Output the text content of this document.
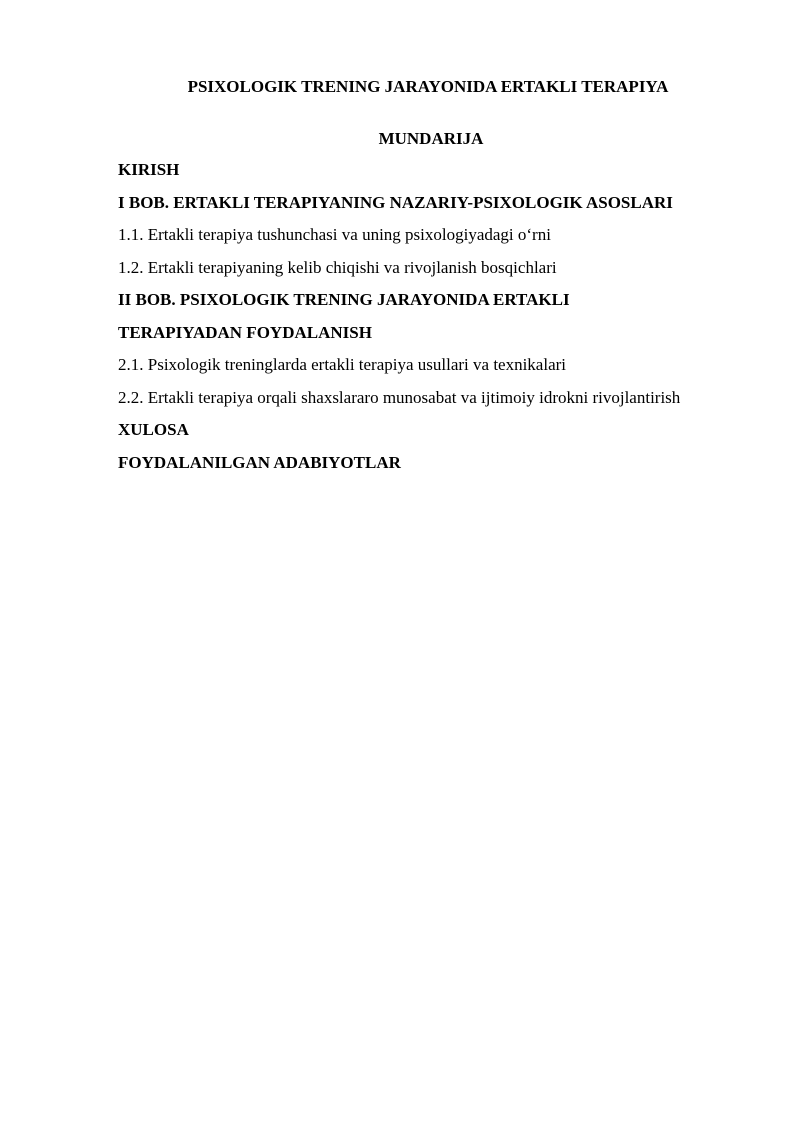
PSIXOLOGIK TRENING JARAYONIDA ERTAKLI TERAPIYA
MUNDARIJA
KIRISH
I BOB. ERTAKLI TERAPIYANING NAZARIY-PSIXOLOGIK ASOSLARI
1.1. Ertakli terapiya tushunchasi va uning psixologiyadagi o‘rni
1.2. Ertakli terapiyaning kelib chiqishi va rivojlanish bosqichlari
II BOB. PSIXOLOGIK TRENING JARAYONIDA ERTAKLI
TERAPIYADAN FOYDALANISH
2.1. Psixologik treninglarda ertakli terapiya usullari va texnikalari
2.2. Ertakli terapiya orqali shaxslararo munosabat va ijtimoiy idrokni rivojlantirish
XULOSA
FOYDALANILGAN ADABIYOTLAR
